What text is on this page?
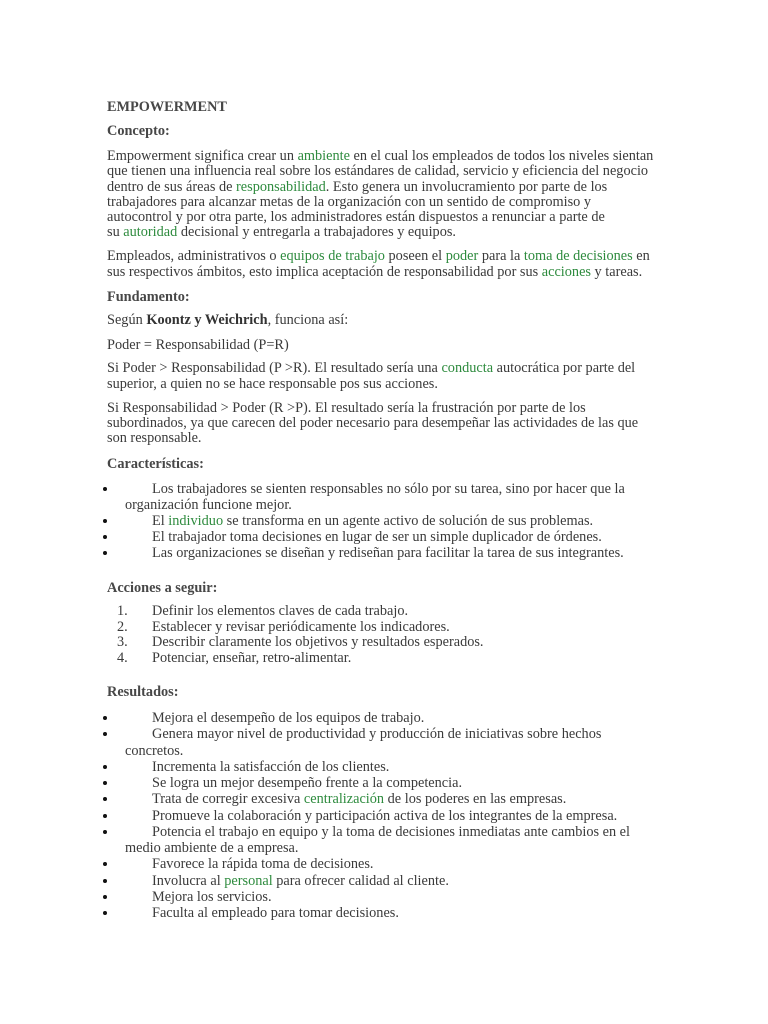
EMPOWERMENT
Concepto:
Empowerment significa crear un ambiente en el cual los empleados de todos los niveles sientan
que tienen una influencia real sobre los estándares de calidad, servicio y eficiencia del negocio
dentro de sus áreas de responsabilidad. Esto genera un involucramiento por parte de los
trabajadores para alcanzar metas de la organización con un sentido de compromiso y
autocontrol y por otra parte, los administradores están dispuestos a renunciar a parte de
su autoridad decisional y entregarla a trabajadores y equipos.
Empleados, administrativos o equipos de trabajo poseen el poder para la toma de decisiones en
sus respectivos ámbitos, esto implica aceptación de responsabilidad por sus acciones y tareas.
Fundamento:
Según Koontz y Weichrich, funciona así:
Poder = Responsabilidad (P=R)
Si Poder > Responsabilidad (P >R). El resultado sería una conducta autocrática por parte del
superior, a quien no se hace responsable pos sus acciones.
Si Responsabilidad > Poder (R >P). El resultado sería la frustración por parte de los
subordinados, ya que carecen del poder necesario para desempeñar las actividades de las que
son responsable.
Características:
Los trabajadores se sienten responsables no sólo por su tarea, sino por hacer que la
organización funcione mejor.
El individuo se transforma en un agente activo de solución de sus problemas.
El trabajador toma decisiones en lugar de ser un simple duplicador de órdenes.
Las organizaciones se diseñan y rediseñan para facilitar la tarea de sus integrantes.
Acciones a seguir:
1. Definir los elementos claves de cada trabajo.
2. Establecer y revisar periódicamente los indicadores.
3. Describir claramente los objetivos y resultados esperados.
4. Potenciar, enseñar, retro-alimentar.
Resultados:
Mejora el desempeño de los equipos de trabajo.
Genera mayor nivel de productividad y producción de iniciativas sobre hechos
concretos.
Incrementa la satisfacción de los clientes.
Se logra un mejor desempeño frente a la competencia.
Trata de corregir excesiva centralización de los poderes en las empresas.
Promueve la colaboración y participación activa de los integrantes de la empresa.
Potencia el trabajo en equipo y la toma de decisiones inmediatas ante cambios en el
medio ambiente de a empresa.
Favorece la rápida toma de decisiones.
Involucra al personal para ofrecer calidad al cliente.
Mejora los servicios.
Faculta al empleado para tomar decisiones.
